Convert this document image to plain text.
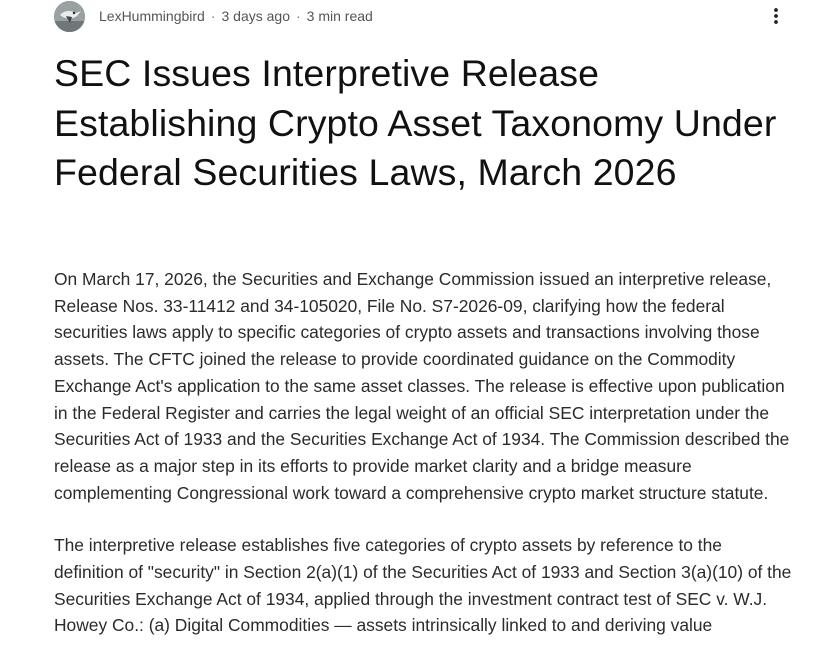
LexHummingbird · 3 days ago · 3 min read
SEC Issues Interpretive Release Establishing Crypto Asset Taxonomy Under Federal Securities Laws, March 2026

On March 17, 2026, the Securities and Exchange Commission issued an interpretive release, Release Nos. 33-11412 and 34-105020, File No. S7-2026-09, clarifying how the federal securities laws apply to specific categories of crypto assets and transactions involving those assets. The CFTC joined the release to provide coordinated guidance on the Commodity Exchange Act's application to the same asset classes. The release is effective upon publication in the Federal Register and carries the legal weight of an official SEC interpretation under the Securities Act of 1933 and the Securities Exchange Act of 1934. The Commission described the release as a major step in its efforts to provide market clarity and a bridge measure complementing Congressional work toward a comprehensive crypto market structure statute.

The interpretive release establishes five categories of crypto assets by reference to the definition of "security" in Section 2(a)(1) of the Securities Act of 1933 and Section 3(a)(10) of the Securities Exchange Act of 1934, applied through the investment contract test of SEC v. W.J. Howey Co.: (a) Digital Commodities — assets intrinsically linked to and deriving value
